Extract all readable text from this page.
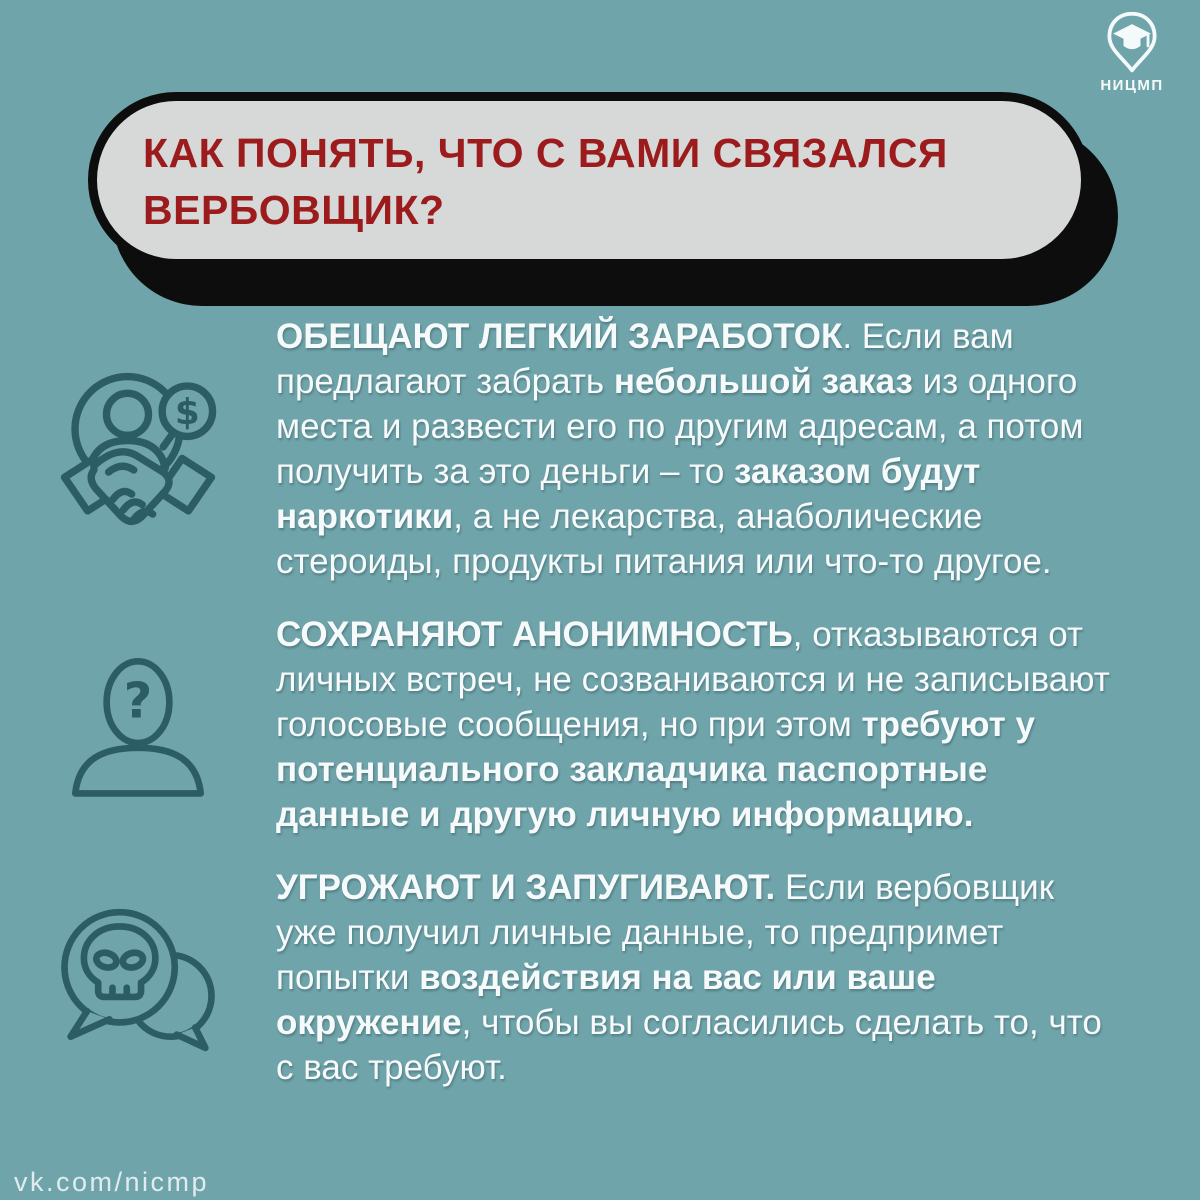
НИЦМП
КАК ПОНЯТЬ, ЧТО С ВАМИ СВЯЗАЛСЯ ВЕРБОВЩИК?
$
ОБЕЩАЮТ ЛЕГКИЙ ЗАРАБОТОК. Если вам предлагают забрать небольшой заказ из одного места и развести его по другим адресам, а потом получить за это деньги – то заказом будут наркотики, а не лекарства, анаболические стероиды, продукты питания или что-то другое.
?
СОХРАНЯЮТ АНОНИМНОСТЬ, отказываются от личных встреч, не созваниваются и не записывают голосовые сообщения, но при этом требуют у потенциального закладчика паспортные данные и другую личную информацию.
УГРОЖАЮТ И ЗАПУГИВАЮТ. Если вербовщик уже получил личные данные, то предпримет попытки воздействия на вас или ваше окружение, чтобы вы согласились сделать то, что с вас требуют.
vk.com/nicmp
